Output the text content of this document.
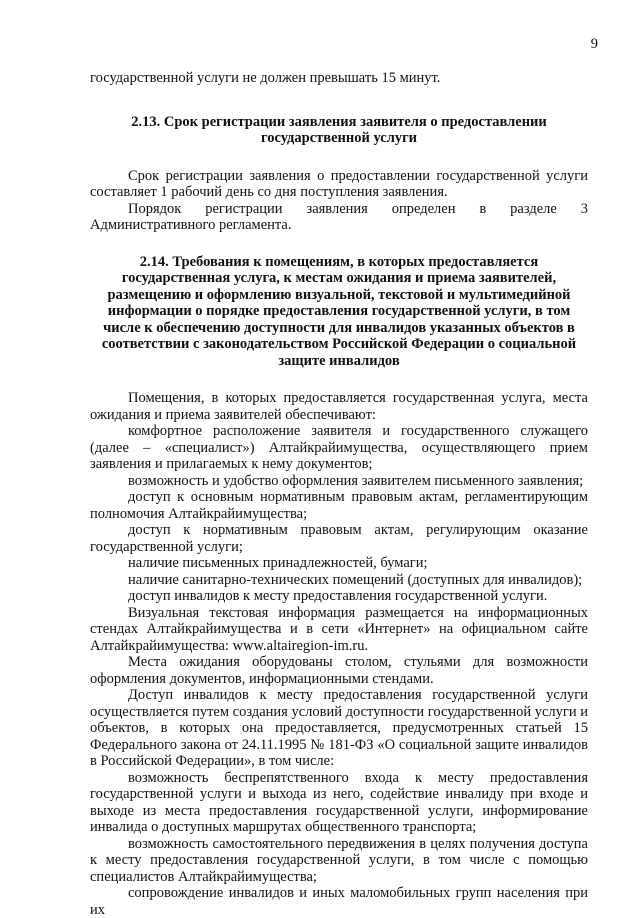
9

государственной услуги не должен превышать 15 минут.

2.13. Срок регистрации заявления заявителя о предоставлении государственной услуги

Срок регистрации заявления о предоставлении государственной услуги составляет 1 рабочий день со дня поступления заявления.

Порядок регистрации заявления определен в разделе 3 Административного регламента.

2.14. Требования к помещениям, в которых предоставляется государственная услуга, к местам ожидания и приема заявителей, размещению и оформлению визуальной, текстовой и мультимедийной информации о порядке предоставления государственной услуги, в том числе к обеспечению доступности для инвалидов указанных объектов в соответствии с законодательством Российской Федерации о социальной защите инвалидов

Помещения, в которых предоставляется государственная услуга, места ожидания и приема заявителей обеспечивают:

комфортное расположение заявителя и государственного служащего (далее – «специалист») Алтайкрайимущества, осуществляющего прием заявления и прилагаемых к нему документов;

возможность и удобство оформления заявителем письменного заявления;

доступ к основным нормативным правовым актам, регламентирующим полномочия Алтайкрайимущества;

доступ к нормативным правовым актам, регулирующим оказание государственной услуги;

наличие письменных принадлежностей, бумаги;

наличие санитарно-технических помещений (доступных для инвалидов);

доступ инвалидов к месту предоставления государственной услуги.

Визуальная текстовая информация размещается на информационных стендах Алтайкрайимущества и в сети «Интернет» на официальном сайте Алтайкрайимущества: www.altairegion-im.ru.

Места ожидания оборудованы столом, стульями для возможности оформления документов, информационными стендами.

Доступ инвалидов к месту предоставления государственной услуги осуществляется путем создания условий доступности государственной услуги и объектов, в которых она предоставляется, предусмотренных статьей 15 Федерального закона от 24.11.1995 № 181-ФЗ «О социальной защите инвалидов в Российской Федерации», в том числе:

возможность беспрепятственного входа к месту предоставления государственной услуги и выхода из него, содействие инвалиду при входе и выходе из места предоставления государственной услуги, информирование инвалида о доступных маршрутах общественного транспорта;

возможность самостоятельного передвижения в целях получения доступа к месту предоставления государственной услуги, в том числе с помощью специалистов Алтайкрайимущества;

сопровождение инвалидов и иных маломобильных групп населения при их
